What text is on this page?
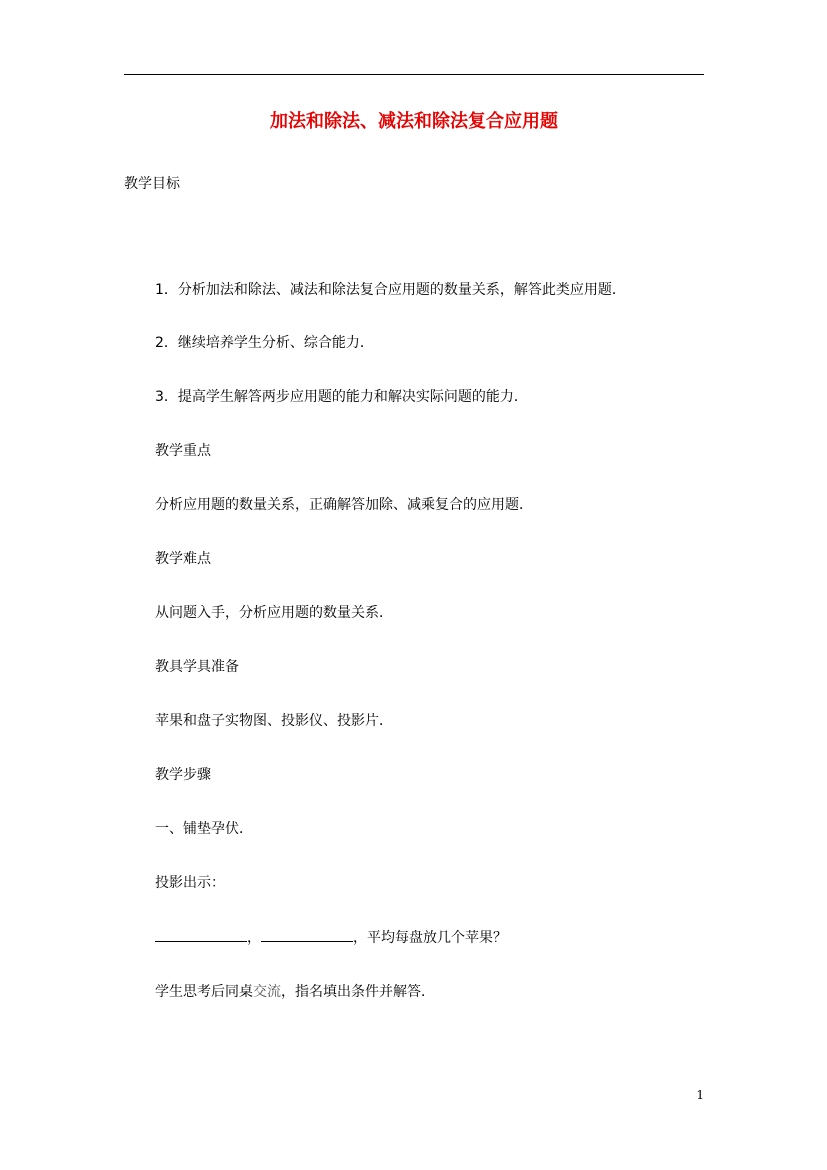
加法和除法、减法和除法复合应用题

教学目标

1．分析加法和除法、减法和除法复合应用题的数量关系，解答此类应用题．

2．继续培养学生分析、综合能力．

3．提高学生解答两步应用题的能力和解决实际问题的能力．

教学重点

分析应用题的数量关系，正确解答加除、减乘复合的应用题．

教学难点

从问题入手，分析应用题的数量关系．

教具学具准备

苹果和盘子实物图、投影仪、投影片．

教学步骤

一、铺垫孕伏．

投影出示：

，	，平均每盘放几个苹果？

学生思考后同桌交流，指名填出条件并解答．

1
